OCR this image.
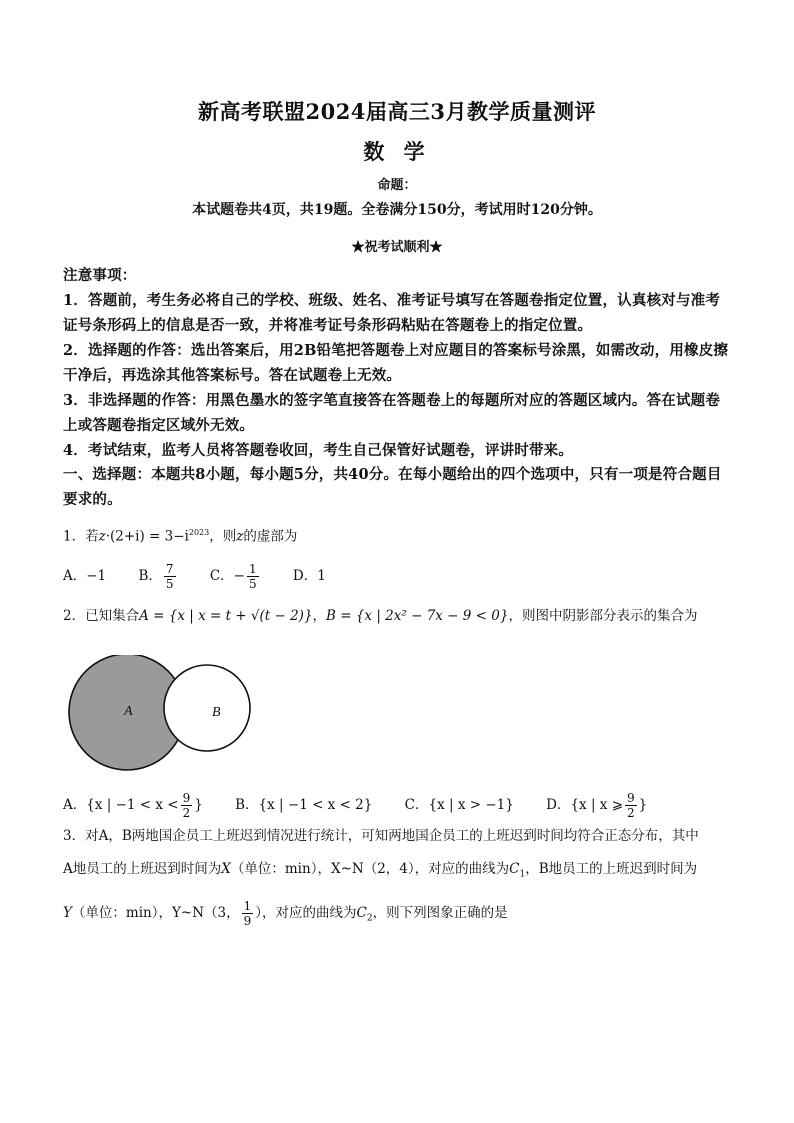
新高考联盟2024届高三3月教学质量测评
数 学
命题：
本试题卷共4页，共19题。全卷满分150分，考试用时120分钟。
★祝考试顺利★
注意事项：
1．答题前，考生务必将自己的学校、班级、姓名、准考证号填写在答题卷指定位置，认真核对与准考证号条形码上的信息是否一致，并将准考证号条形码粘贴在答题卷上的指定位置。
2．选择题的作答：选出答案后，用2B铅笔把答题卷上对应题目的答案标号涂黑，如需改动，用橡皮擦干净后，再选涂其他答案标号。答在试题卷上无效。
3．非选择题的作答：用黑色墨水的签字笔直接答在答题卷上的每题所对应的答题区域内。答在试题卷上或答题卷指定区域外无效。
4．考试结束，监考人员将答题卷收回，考生自己保管好试题卷，评讲时带来。
一、选择题：本题共8小题，每小题5分，共40分。在每小题给出的四个选项中，只有一项是符合题目要求的。
1．若$z\cdot(2+i) = 3-i^{2023}$，则z的虚部为
A．−1 B． $\frac{7}{5}$	C．− $\frac{1}{5}$	D．1
2．已知集合A = {x | x = t + √(t − 2)}，B = {x | 2x² − 7x − 9 < 0}，则图中阴影部分表示的集合为
A	B
A．{x | $-1 < x < \frac{9}{2}$ } B．{x | −1 < x < 2} C．{x | x > −1} D．{x | x ⩾ $\frac{9}{2}$ }
3．对A，B两地国企员工上班迟到情况进行统计，可知两地国企员工的上班迟到时间均符合正态分布，其中
A地员工的上班迟到时间为X（单位：min），X~N（2，4），对应的曲线为$C_1$，B地员工的上班迟到时间为
Y（单位：min），Y~N（3， $\frac{1}{9}$ ），对应的曲线为$C_2$，则下列图象正确的是
